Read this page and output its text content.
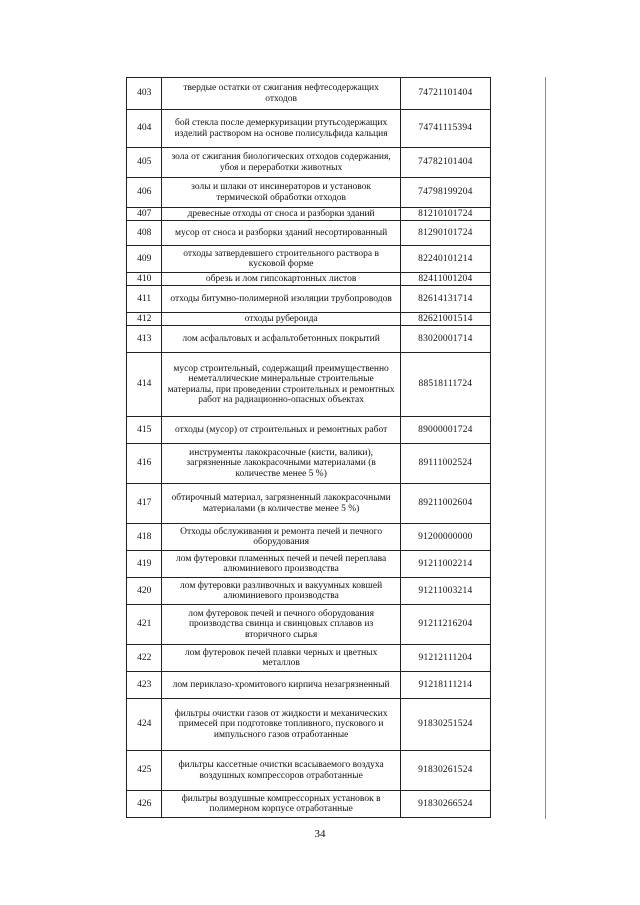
403	твердые остатки от сжигания нефтесодержащих отходов	74721101404
404	бой стекла после демеркуризации ртутьсодержащих изделий раствором на основе полисульфида кальция	74741115394
405	зола от сжигания биологических отходов содержания, убоя и переработки животных	74782101404
406	золы и шлаки от инсинераторов и установок термической обработки отходов	74798199204
407	древесные отходы от сноса и разборки зданий	81210101724
408	мусор от сноса и разборки зданий несортированный	81290101724
409	отходы затвердевшего строительного раствора в кусковой форме	82240101214
410	обрезь и лом гипсокартонных листов	82411001204
411	отходы битумно-полимерной изоляции трубопроводов	82614131714
412	отходы рубероида	82621001514
413	лом асфальтовых и асфальтобетонных покрытий	83020001714
414	мусор строительный, содержащий преимущественно неметаллические минеральные строительные материалы, при проведении строительных и ремонтных работ на радиационно-опасных объектах	88518111724
415	отходы (мусор) от строительных и ремонтных работ	89000001724
416	инструменты лакокрасочные (кисти, валики), загрязненные лакокрасочными материалами (в количестве менее 5 %)	89111002524
417	обтирочный материал, загрязненный лакокрасочными материалами (в количестве менее 5 %)	89211002604
418	Отходы обслуживания и ремонта печей и печного оборудования	91200000000
419	лом футеровки пламенных печей и печей переплава алюминиевого производства	91211002214
420	лом футеровки разливочных и вакуумных ковшей алюминиевого производства	91211003214
421	лом футеровок печей и печного оборудования производства свинца и свинцовых сплавов из вторичного сырья	91211216204
422	лом футеровок печей плавки черных и цветных металлов	91212111204
423	лом периклазо-хромитового кирпича незагрязненный	91218111214
424	фильтры очистки газов от жидкости и механических примесей при подготовке топливного, пускового и импульсного газов отработанные	91830251524
425	фильтры кассетные очистки всасываемого воздуха воздушных компрессоров отработанные	91830261524
426	фильтры воздушные компрессорных установок в полимерном корпусе отработанные	91830266524
34
